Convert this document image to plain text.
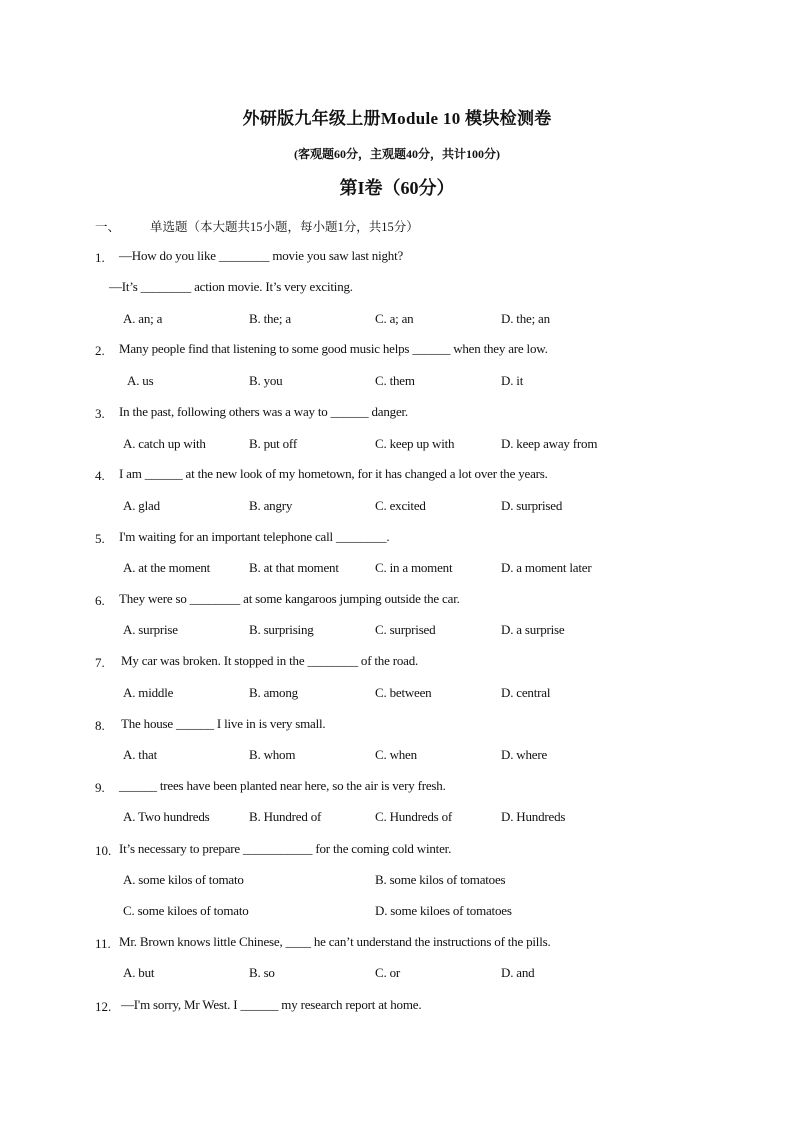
外研版九年级上册Module 10 模块检测卷
(客观题60分，主观题40分，共计100分)
第I卷（60分）
一、 单选题（本大题共15小题，每小题1分，共15分）
1. —How do you like ________ movie you saw last night?
—It’s ________ action movie. It’s very exciting.
A. an; a	B. the; a	C. a; an	D. the; an
2. Many people find that listening to some good music helps ______ when they are low.
A. us	B. you	C. them	D. it
3. In the past, following others was a way to ______ danger.
A. catch up with	B. put off	C. keep up with	D. keep away from
4. I am ______ at the new look of my hometown, for it has changed a lot over the years.
A. glad	B. angry	C. excited	D. surprised
5. I'm waiting for an important telephone call ________.
A. at the moment	B. at that moment	C. in a moment	D. a moment later
6. They were so ________ at some kangaroos jumping outside the car.
A. surprise	B. surprising	C. surprised	D. a surprise
7. My car was broken. It stopped in the ________ of the road.
A. middle	B. among	C. between	D. central
8. The house ______ I live in is very small.
A. that	B. whom	C. when	D. where
9. ______ trees have been planted near here, so the air is very fresh.
A. Two hundreds	B. Hundred of	C. Hundreds of	D. Hundreds
10. It’s necessary to prepare ___________ for the coming cold winter.
A. some kilos of tomato	B. some kilos of tomatoes
C. some kiloes of tomato	D. some kiloes of tomatoes
11. Mr. Brown knows little Chinese, ____ he can’t understand the instructions of the pills.
A. but	B. so	C. or	D. and
12. —I'm sorry, Mr West. I ______ my research report at home.
